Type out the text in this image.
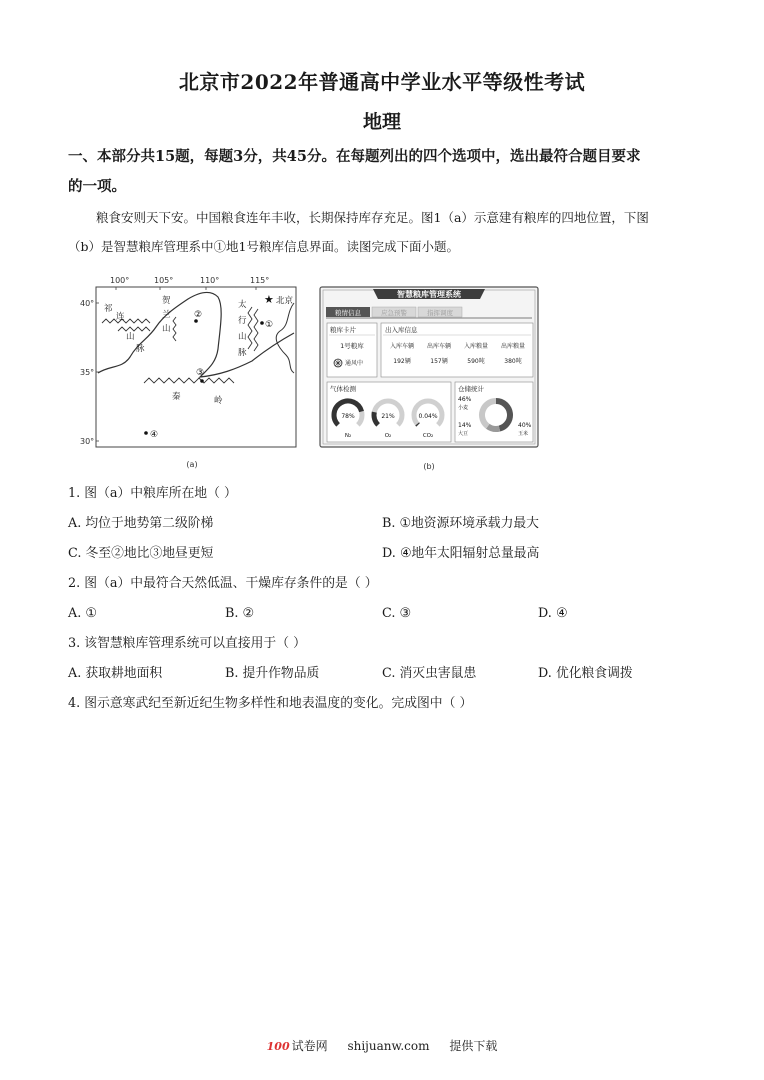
北京市2022年普通高中学业水平等级性考试
地理
一、本部分共15题，每题3分，共45分。在每题列出的四个选项中，选出最符合题目要求
的一项。
粮食安则天下安。中国粮食连年丰收，长期保持库存充足。图1（a）示意建有粮库的四地位置，下图
（b）是智慧粮库管理系中①地1号粮库信息界面。读图完成下面小题。
100°	105°	110°	115°
40°
35°
30°
祁
连
山
脉
贺
兰
山
太
行
山
脉
秦	岭
★ 北京
①
②
③
④
(a)
智慧粮库管理系统
粮情信息	应急预警	指挥调度
粮库卡片
1号粮库
通风中
出入库信息
入库车辆 出库车辆 入库粮量 出库粮量
192辆	157辆	590吨	380吨
气体检测
78%	21%	0.04%
N₂	O₂	CO₂
仓储统计
46%
小麦
14%
大豆
40%
玉米
(b)
1. 图（a）中粮库所在地（ ）
A. 均位于地势第二级阶梯	B. ①地资源环境承载力最大
C. 冬至②地比③地昼更短	D. ④地年太阳辐射总量最高
2. 图（a）中最符合天然低温、干燥库存条件的是（ ）
A. ①	B. ②	C. ③	D. ④
3. 该智慧粮库管理系统可以直接用于（ ）
A. 获取耕地面积	B. 提升作物品质	C. 消灭虫害鼠患	D. 优化粮食调拨
4. 图示意寒武纪至新近纪生物多样性和地表温度的变化。完成图中（ ）
100 试卷网 shijuanw.com 提供下载
